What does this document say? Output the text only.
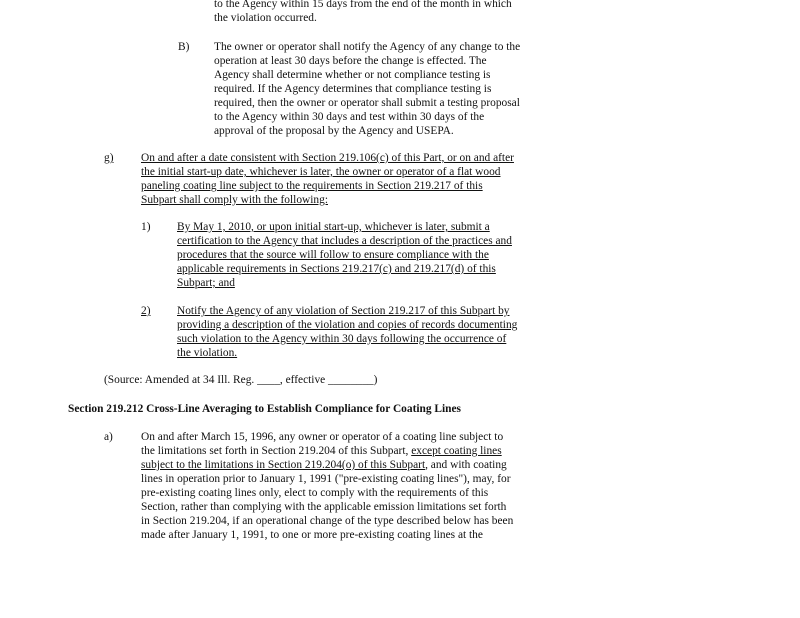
to the Agency within 15 days from the end of the month in which
the violation occurred.
B) The owner or operator shall notify the Agency of any change to the
operation at least 30 days before the change is effected. The
Agency shall determine whether or not compliance testing is
required. If the Agency determines that compliance testing is
required, then the owner or operator shall submit a testing proposal
to the Agency within 30 days and test within 30 days of the
approval of the proposal by the Agency and USEPA.
g) On and after a date consistent with Section 219.106(c) of this Part, or on and after
the initial start-up date, whichever is later, the owner or operator of a flat wood
paneling coating line subject to the requirements in Section 219.217 of this
Subpart shall comply with the following:
1) By May 1, 2010, or upon initial start-up, whichever is later, submit a
certification to the Agency that includes a description of the practices and
procedures that the source will follow to ensure compliance with the
applicable requirements in Sections 219.217(c) and 219.217(d) of this
Subpart; and
2) Notify the Agency of any violation of Section 219.217 of this Subpart by
providing a description of the violation and copies of records documenting
such violation to the Agency within 30 days following the occurrence of
the violation.
(Source: Amended at 34 Ill. Reg. ____, effective ________)
Section 219.212 Cross-Line Averaging to Establish Compliance for Coating Lines
a) On and after March 15, 1996, any owner or operator of a coating line subject to
the limitations set forth in Section 219.204 of this Subpart, except coating lines
subject to the limitations in Section 219.204(o) of this Subpart, and with coating
lines in operation prior to January 1, 1991 ("pre-existing coating lines"), may, for
pre-existing coating lines only, elect to comply with the requirements of this
Section, rather than complying with the applicable emission limitations set forth
in Section 219.204, if an operational change of the type described below has been
made after January 1, 1991, to one or more pre-existing coating lines at the
